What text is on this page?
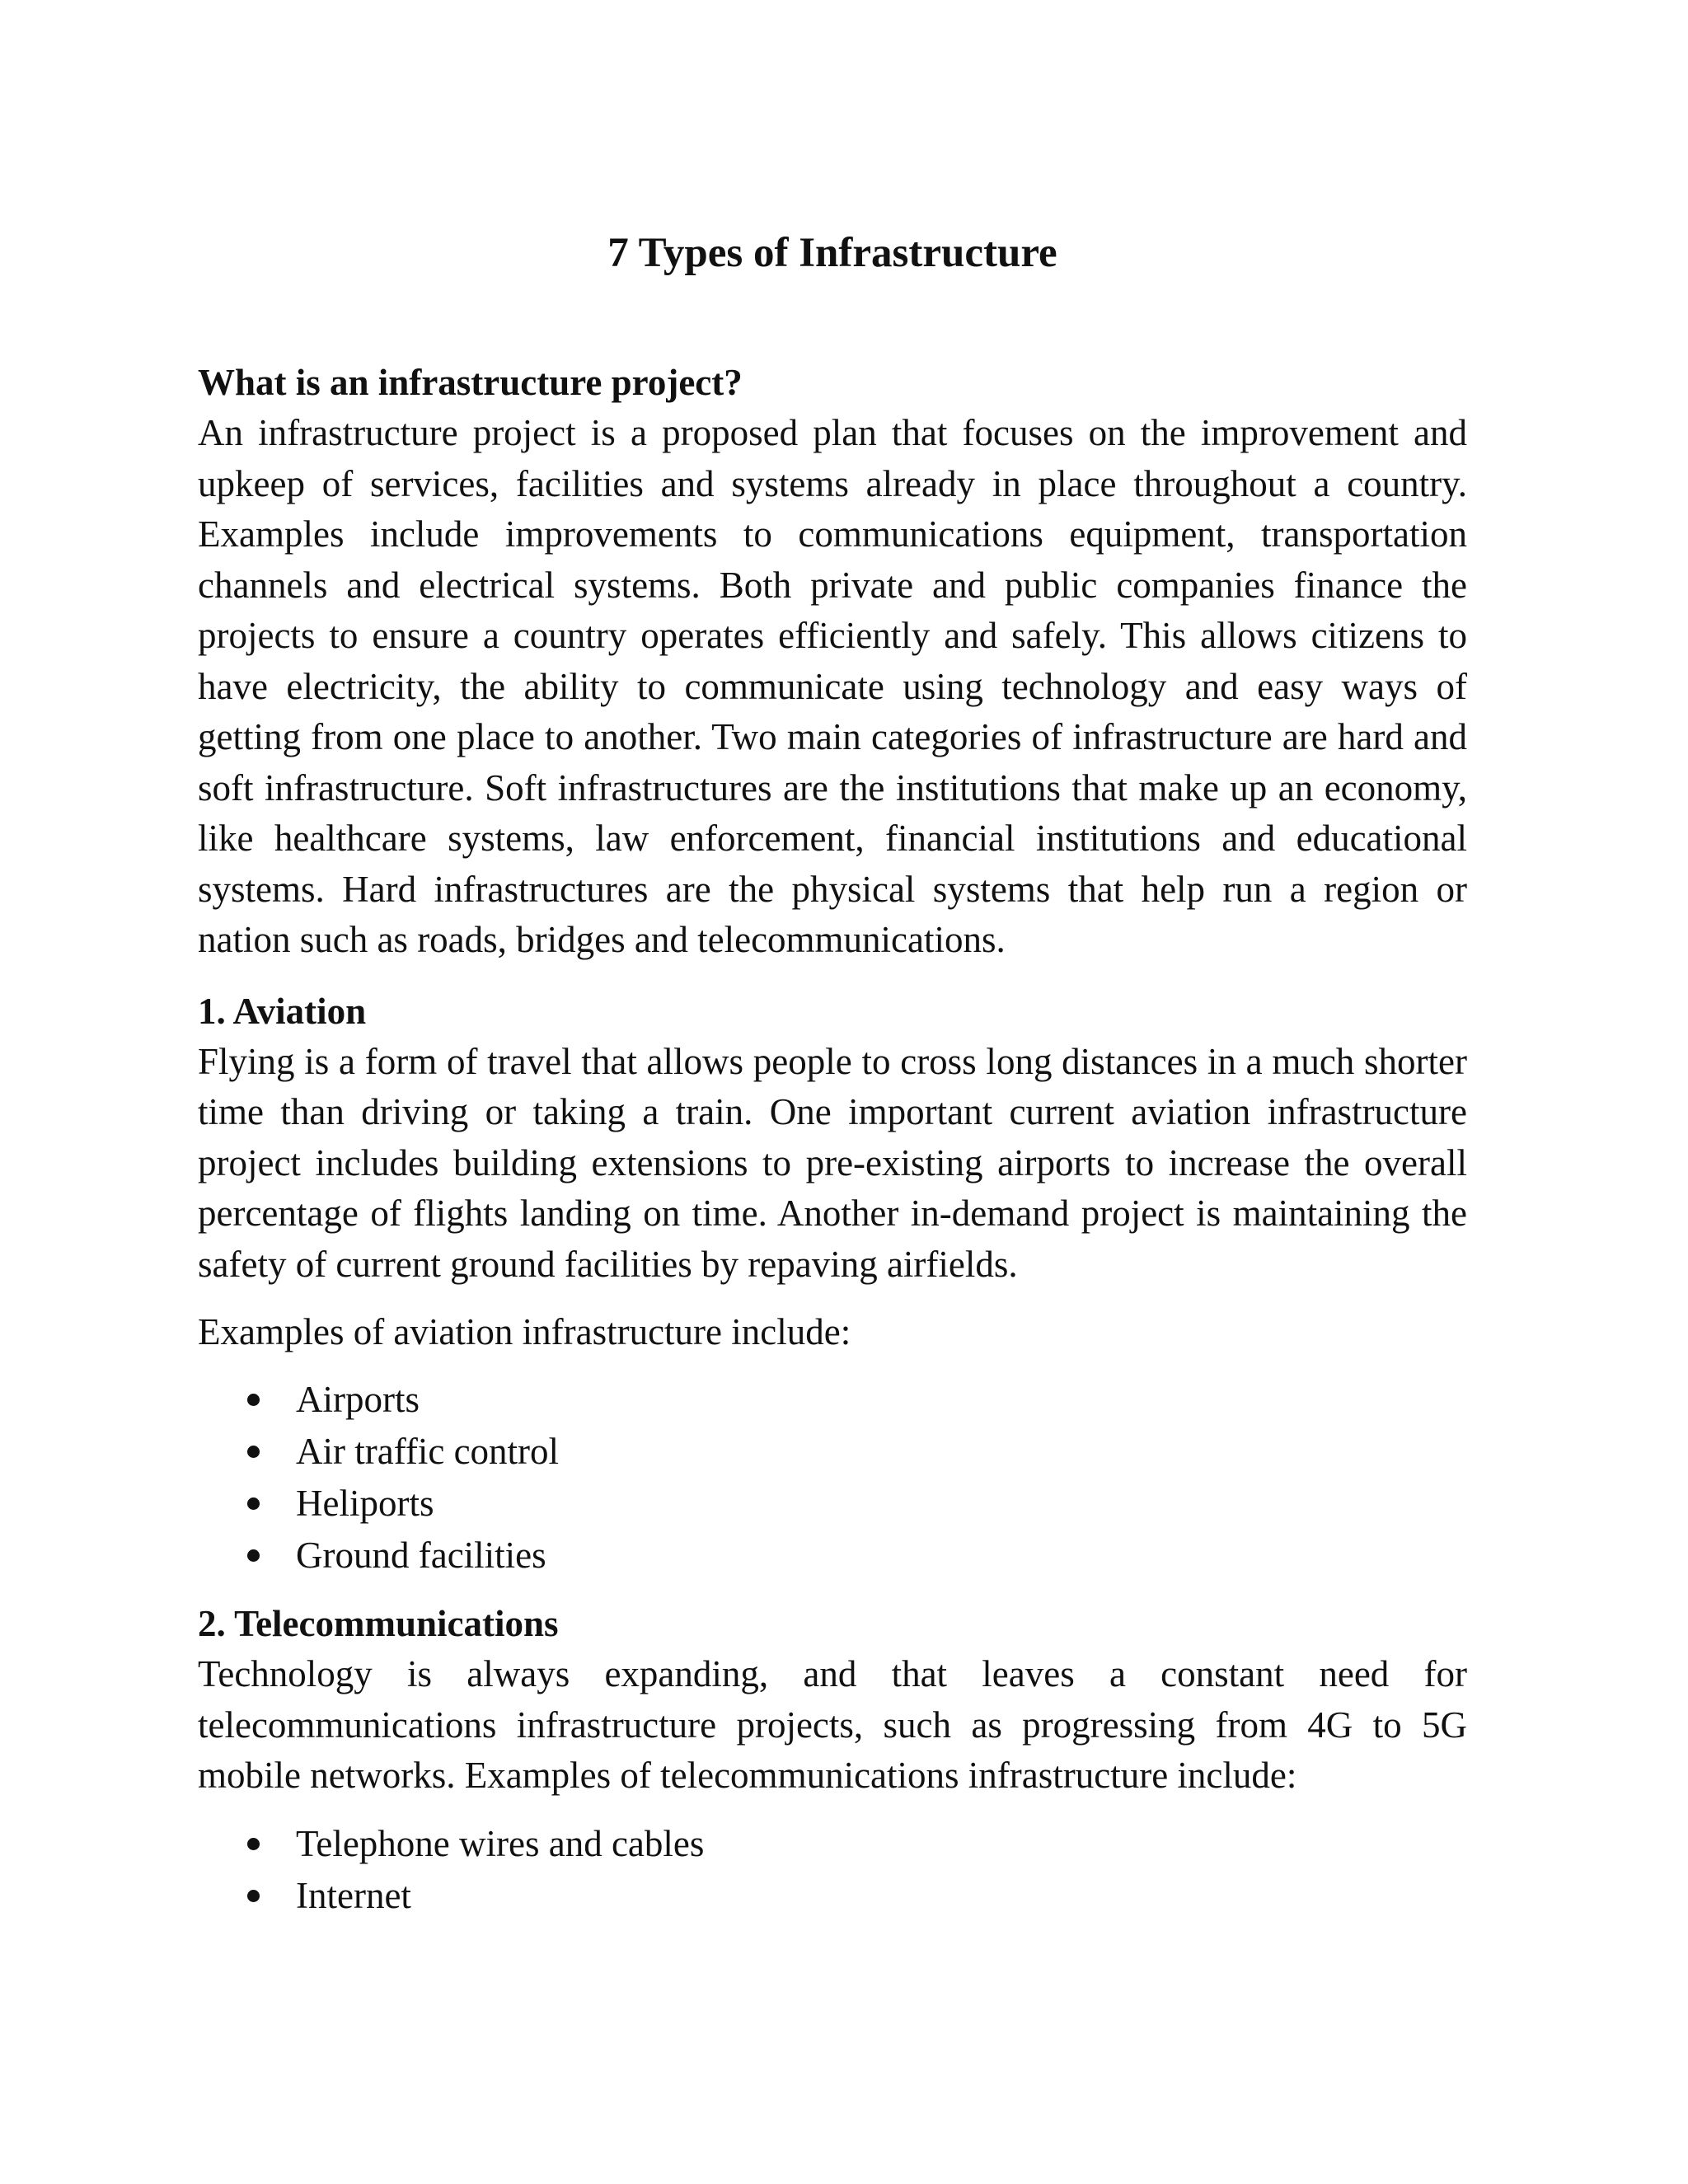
7 Types of Infrastructure
What is an infrastructure project?

An infrastructure project is a proposed plan that focuses on the improvement and upkeep of services, facilities and systems already in place throughout a country. Examples include improvements to communications equipment, transportation channels and electrical systems. Both private and public companies finance the projects to ensure a country operates efficiently and safely. This allows citizens to have electricity, the ability to communicate using technology and easy ways of getting from one place to another. Two main categories of infrastructure are hard and soft infrastructure. Soft infrastructures are the institutions that make up an economy, like healthcare systems, law enforcement, financial institutions and educational systems. Hard infrastructures are the physical systems that help run a region or nation such as roads, bridges and telecommunications.

1. Aviation

Flying is a form of travel that allows people to cross long distances in a much shorter time than driving or taking a train. One important current aviation infrastructure project includes building extensions to pre-existing airports to increase the overall percentage of flights landing on time. Another in-demand project is maintaining the safety of current ground facilities by repaving airfields.

Examples of aviation infrastructure include:

Airports
Air traffic control
Heliports
Ground facilities
2. Telecommunications

Technology is always expanding, and that leaves a constant need for telecommunications infrastructure projects, such as progressing from 4G to 5G mobile networks. Examples of telecommunications infrastructure include:

Telephone wires and cables
Internet
